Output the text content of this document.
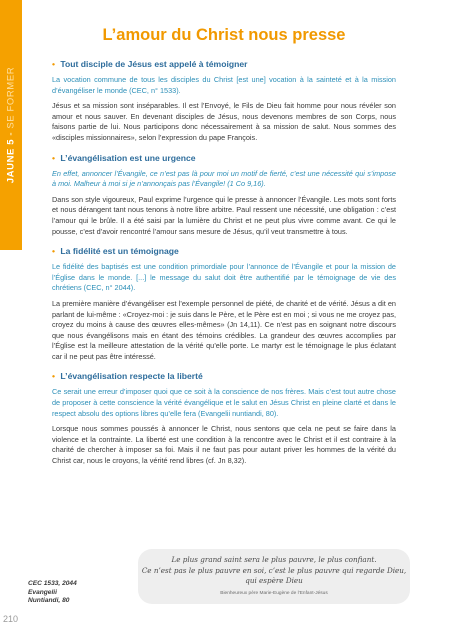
JAUNE 5 - SE FORMER
210
L’amour du Christ nous presse
• Tout disciple de Jésus est appelé à témoigner

La vocation commune de tous les disciples du Christ [est une] vocation à la sainteté et à la mission d’évangéliser le monde (CEC, n° 1533).

Jésus et sa mission sont inséparables. Il est l’Envoyé, le Fils de Dieu fait homme pour nous révéler son amour et nous sauver. En devenant disciples de Jésus, nous devenons membres de son Corps, nous faisons partie de lui. Nous participons donc nécessairement à sa mission de salut. Nous sommes des «disciples missionnaires», selon l’expression du pape François.

• L’évangélisation est une urgence

En effet, annoncer l’Évangile, ce n’est pas là pour moi un motif de fierté, c’est une nécessité qui s’impose à moi. Malheur à moi si je n’annonçais pas l’Évangile! (1 Co 9,16).

Dans son style vigoureux, Paul exprime l’urgence qui le presse à annoncer l’Évangile. Les mots sont forts et nous dérangent tant nous tenons à notre libre arbitre. Paul ressent une nécessité, une obligation : c’est l’amour qui le brûle. Il a été saisi par la lumière du Christ et ne peut plus vivre comme avant. Ce qui le pousse, c’est d’avoir rencontré l’amour sans mesure de Jésus, qu’il veut transmettre à tous.

• La fidélité est un témoignage

Le fidélité des baptisés est une condition primordiale pour l’annonce de l’Évangile et pour la mission de l’Église dans le monde. [...] le message du salut doit être authentifié par le témoignage de vie des chrétiens (CEC, n° 2044).

La première manière d’évangéliser est l’exemple personnel de piété, de charité et de vérité. Jésus a dit en parlant de lui-même : «Croyez-moi : je suis dans le Père, et le Père est en moi ; si vous ne me croyez pas, croyez du moins à cause des œuvres elles-mêmes» (Jn 14,11). Ce n’est pas en soignant notre discours que nous évangélisons mais en étant des témoins crédibles. La grandeur des œuvres accomplies par l’Église est la meilleure attestation de la vérité qu’elle porte. Le martyr est le témoignage le plus éclatant car il ne peut pas être intéressé.

• L’évangélisation respecte la liberté

Ce serait une erreur d’imposer quoi que ce soit à la conscience de nos frères. Mais c’est tout autre chose de proposer à cette conscience la vérité évangélique et le salut en Jésus Christ en pleine clarté et dans le respect absolu des options libres qu’elle fera (Evangelii nuntiandi, 80).

Lorsque nous sommes poussés à annoncer le Christ, nous sentons que cela ne peut se faire dans la violence et la contrainte. La liberté est une condition à la rencontre avec le Christ et il est contraire à la charité de chercher à imposer sa foi. Mais il ne faut pas pour autant priver les hommes de la vérité du Christ car, nous le croyons, la vérité rend libres (cf. Jn 8,32).

Le plus grand saint sera le plus pauvre, le plus confiant.
Ce n’est pas le plus pauvre en soi, c’est le plus pauvre qui regarde Dieu,
qui espère Dieu
Bienheureux père Marie-Eugène de l’Enfant-Jésus
CEC 1533, 2044
Evangelii
Nuntiandi, 80
